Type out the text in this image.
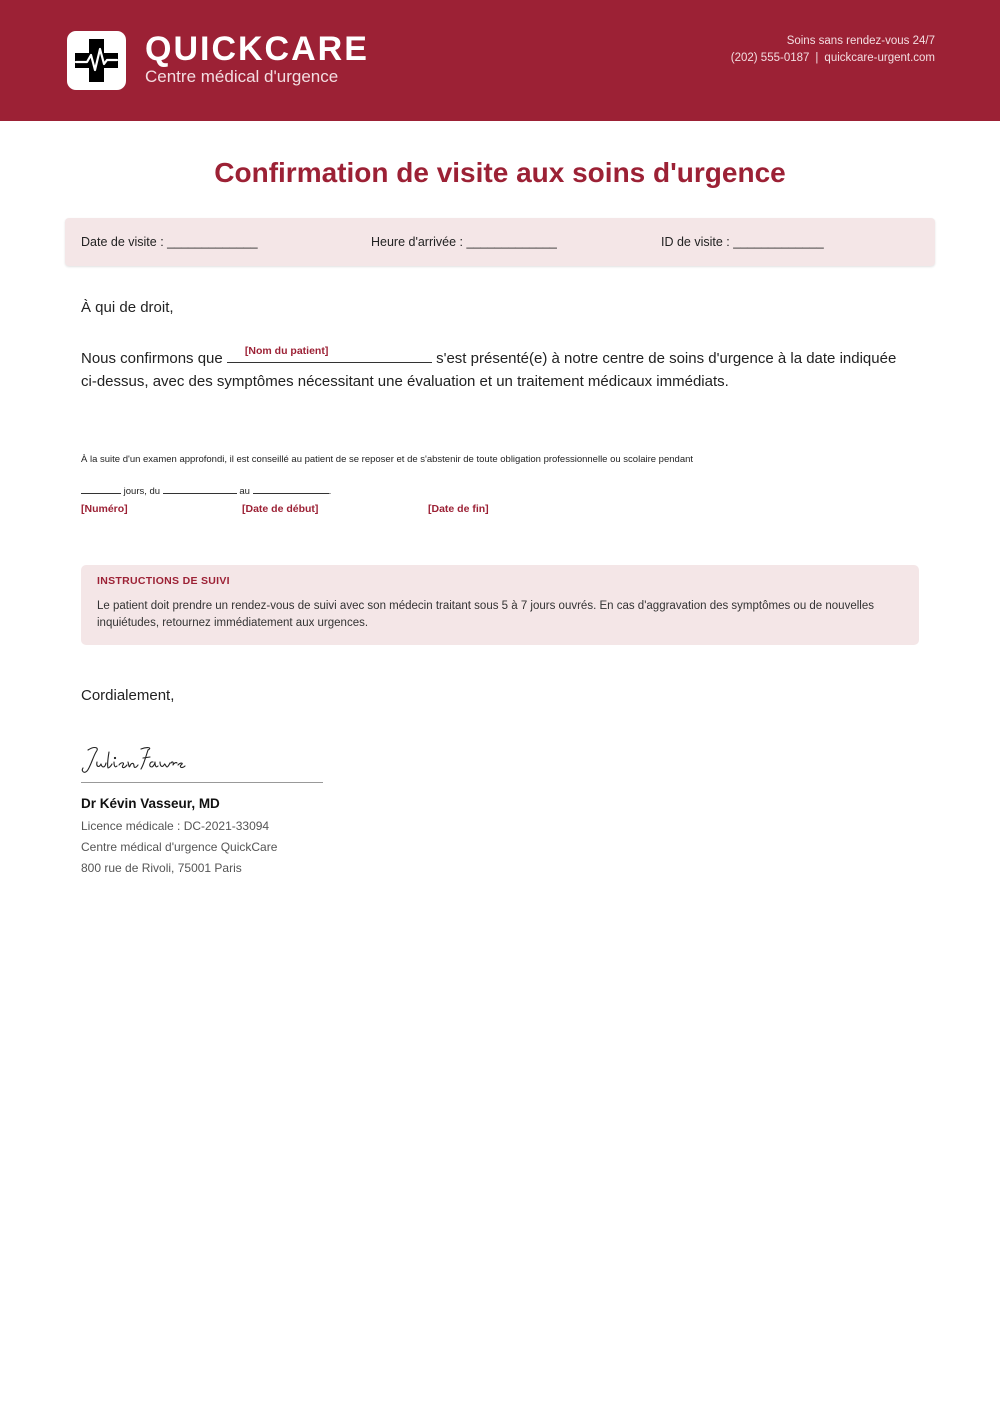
QUICKCARE
Centre médical d'urgence
Soins sans rendez-vous 24/7
(202) 555-0187 | quickcare-urgent.com
Confirmation de visite aux soins d'urgence
Date de visite : _____________	Heure d'arrivée : _____________	ID de visite : _____________
À qui de droit,
Nous confirmons que [Nom du patient]	s'est présenté(e) à notre centre de soins d'urgence à la date indiquée
ci-dessus, avec des symptômes nécessitant une évaluation et un traitement médicaux immédiats.
À la suite d'un examen approfondi, il est conseillé au patient de se reposer et de s'abstenir de toute obligation professionnelle ou scolaire pendant
jours, du	au	.
[Numéro]	[Date de début]	[Date de fin]
INSTRUCTIONS DE SUIVI
Le patient doit prendre un rendez-vous de suivi avec son médecin traitant sous 5 à 7 jours ouvrés. En cas d'aggravation des symptômes ou de nouvelles inquiétudes, retournez immédiatement aux urgences.
Cordialement,
Dr Kévin Vasseur, MD
Licence médicale : DC-2021-33094
Centre médical d'urgence QuickCare
800 rue de Rivoli, 75001 Paris
